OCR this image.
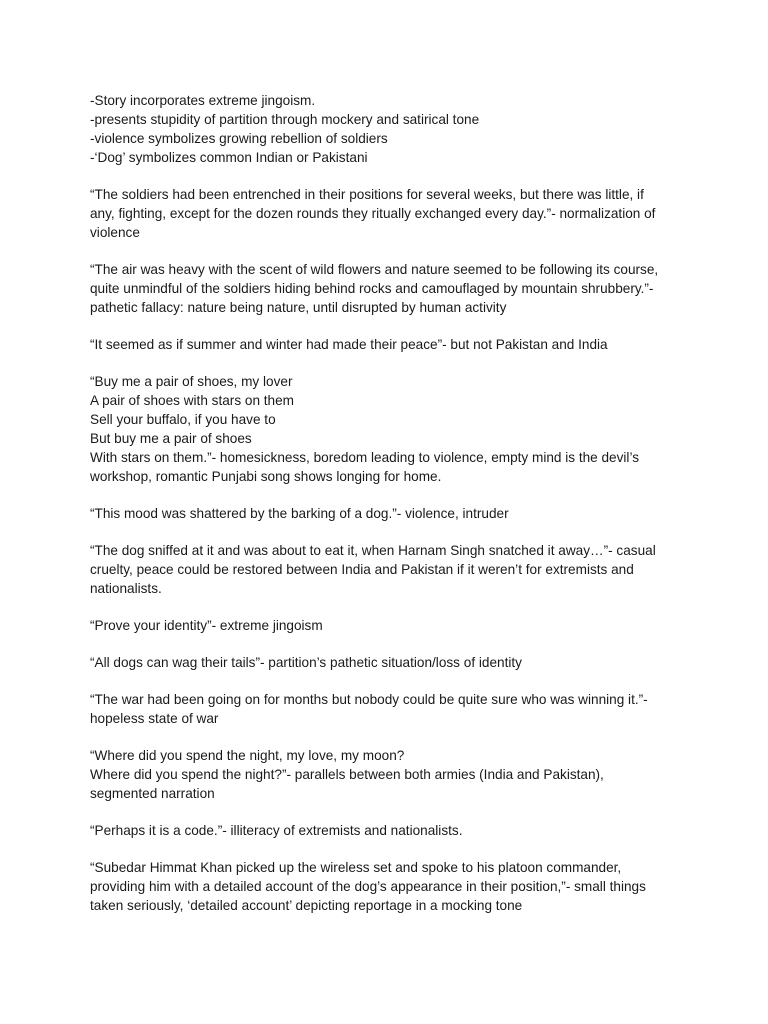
-Story incorporates extreme jingoism.
-presents stupidity of partition through mockery and satirical tone
-violence symbolizes growing rebellion of soldiers
-‘Dog’ symbolizes common Indian or Pakistani
“The soldiers had been entrenched in their positions for several weeks, but there was little, if
any, fighting, except for the dozen rounds they ritually exchanged every day.”- normalization of
violence
“The air was heavy with the scent of wild flowers and nature seemed to be following its course,
quite unmindful of the soldiers hiding behind rocks and camouflaged by mountain shrubbery.”-
pathetic fallacy: nature being nature, until disrupted by human activity
“It seemed as if summer and winter had made their peace”- but not Pakistan and India
“Buy me a pair of shoes, my lover
A pair of shoes with stars on them
Sell your buffalo, if you have to
But buy me a pair of shoes
With stars on them.”- homesickness, boredom leading to violence, empty mind is the devil’s
workshop, romantic Punjabi song shows longing for home.
“This mood was shattered by the barking of a dog.”- violence, intruder
“The dog sniffed at it and was about to eat it, when Harnam Singh snatched it away…”- casual
cruelty, peace could be restored between India and Pakistan if it weren’t for extremists and
nationalists.
“Prove your identity”- extreme jingoism
“All dogs can wag their tails”- partition’s pathetic situation/loss of identity
“The war had been going on for months but nobody could be quite sure who was winning it.”-
hopeless state of war
“Where did you spend the night, my love, my moon?
Where did you spend the night?”- parallels between both armies (India and Pakistan),
segmented narration
“Perhaps it is a code.”- illiteracy of extremists and nationalists.
“Subedar Himmat Khan picked up the wireless set and spoke to his platoon commander,
providing him with a detailed account of the dog’s appearance in their position,”- small things
taken seriously, ‘detailed account’ depicting reportage in a mocking tone
